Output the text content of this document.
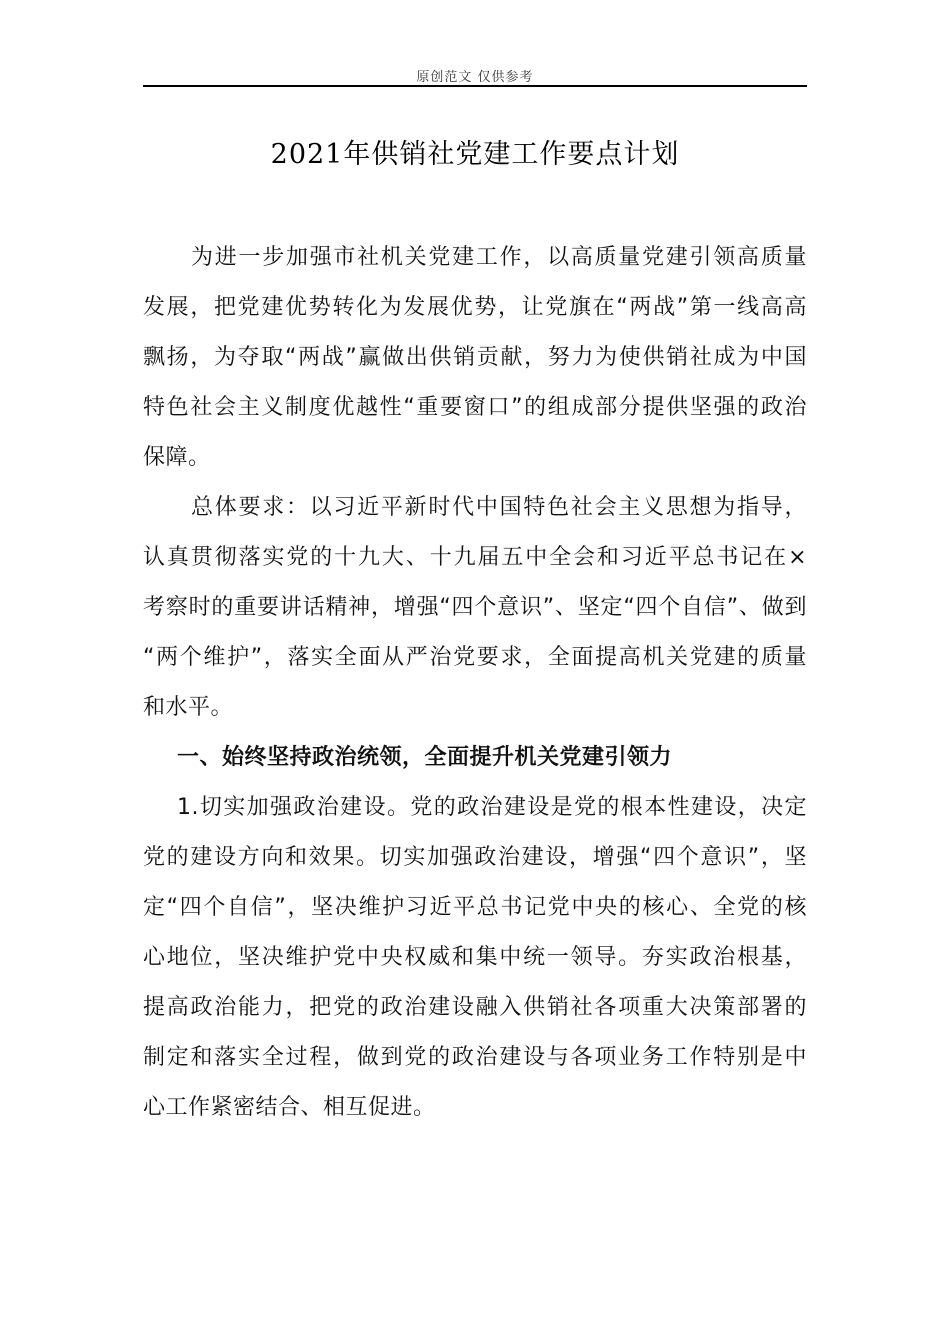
原创范文 仅供参考
2021年供销社党建工作要点计划
为进一步加强市社机关党建工作，以高质量党建引领高质量
发展，把党建优势转化为发展优势，让党旗在“两战”第一线高高
飘扬，为夺取“两战”赢做出供销贡献，努力为使供销社成为中国
特色社会主义制度优越性“重要窗口”的组成部分提供坚强的政治
保障。
总体要求：以习近平新时代中国特色社会主义思想为指导，
认真贯彻落实党的十九大、十九届五中全会和习近平总书记在×
考察时的重要讲话精神，增强“四个意识”、坚定“四个自信”、做到
“两个维护”，落实全面从严治党要求，全面提高机关党建的质量
和水平。
一、始终坚持政治统领，全面提升机关党建引领力
1.切实加强政治建设。党的政治建设是党的根本性建设，决定
党的建设方向和效果。切实加强政治建设，增强“四个意识”，坚
定“四个自信”，坚决维护习近平总书记党中央的核心、全党的核
心地位，坚决维护党中央权威和集中统一领导。夯实政治根基，
提高政治能力，把党的政治建设融入供销社各项重大决策部署的
制定和落实全过程，做到党的政治建设与各项业务工作特别是中
心工作紧密结合、相互促进。
